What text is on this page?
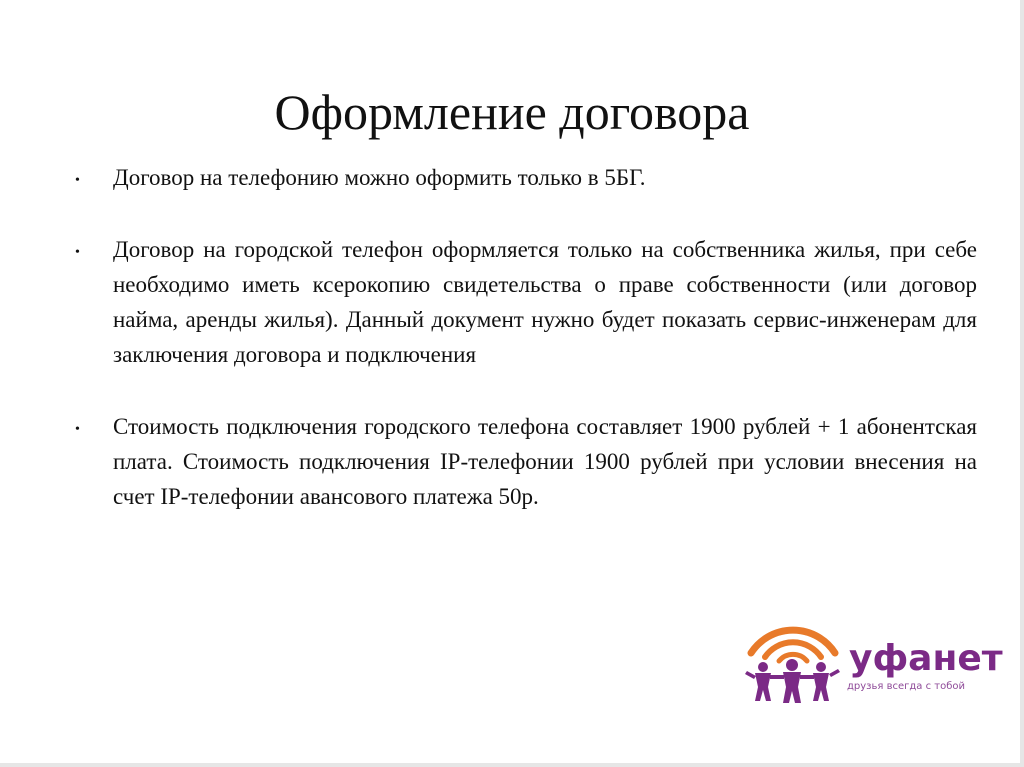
Оформление договора
• Договор на телефонию можно оформить только в 5БГ.
• Договор на городской телефон оформляется только на собственника жилья, при себе необходимо иметь ксерокопию свидетельства о праве собственности (или договор найма, аренды жилья). Данный документ нужно будет показать сервис-инженерам для заключения договора и подключения
• Стоимость подключения городского телефона составляет 1900 рублей + 1 абонентская плата. Стоимость подключения IP-телефонии 1900 рублей при условии внесения на счет IP-телефонии авансового платежа 50р.
уфанет
друзья всегда с тобой
